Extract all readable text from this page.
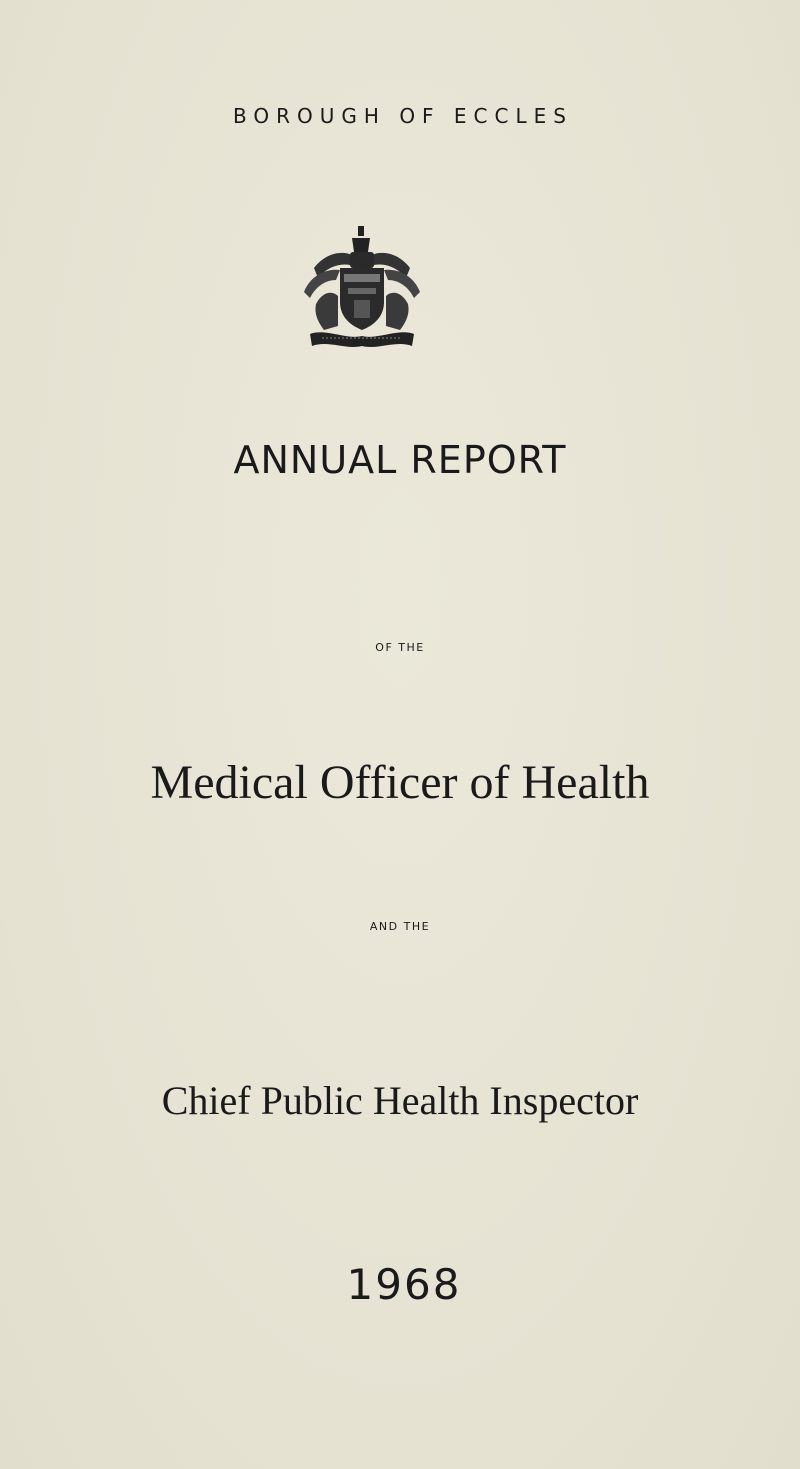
BOROUGH OF ECCLES
ANNUAL REPORT
OF THE
Medical Officer of Health
AND THE
Chief Public Health Inspector
1968
